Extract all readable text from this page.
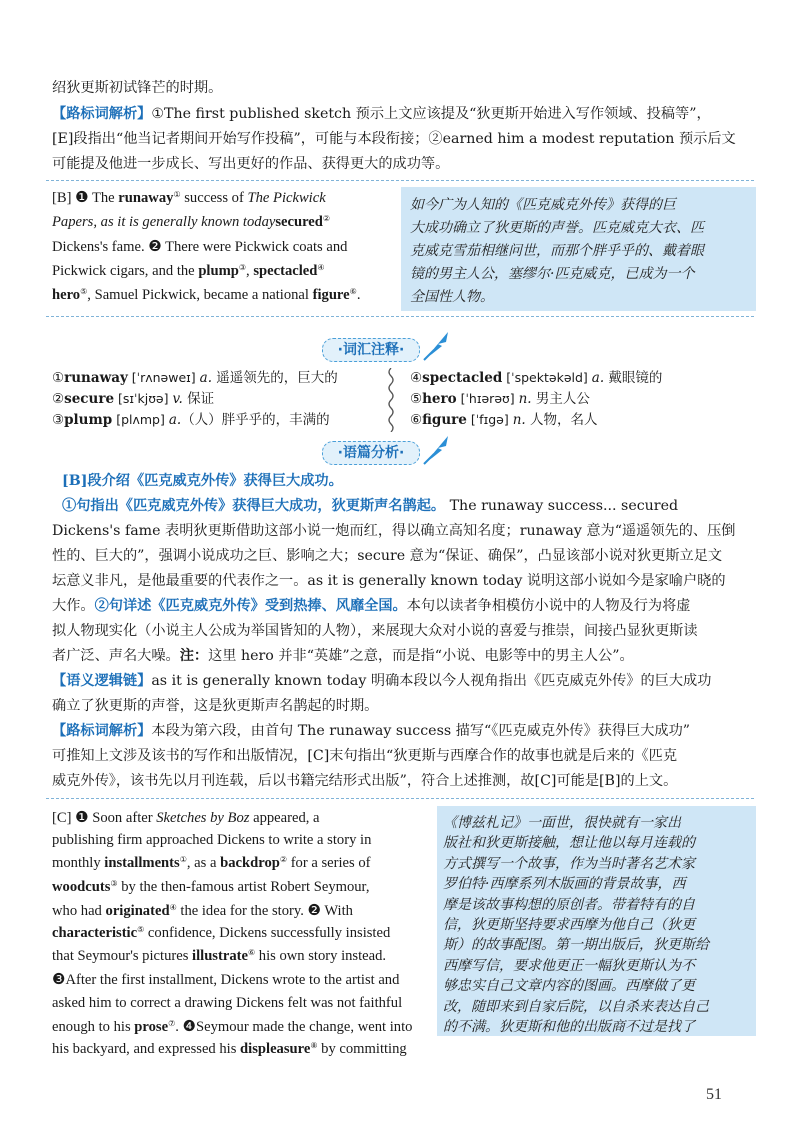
绍狄更斯初试锋芒的时期。
【路标词解析】①The first published sketch 预示上文应该提及“狄更斯开始进入写作领域、投稿等”，
[E]段指出“他当记者期间开始写作投稿”，可能与本段衔接；②earned him a modest reputation 预示后文
可能提及他进一步成长、写出更好的作品、获得更大的成功等。
[B] ❶ The runaway① success of The Pickwick
Papers, as it is generally known todaysecured②
Dickens's fame. ❷ There were Pickwick coats and
Pickwick cigars, and the plump③, spectacled④
hero⑤, Samuel Pickwick, became a national figure⑥.
如今广为人知的《匹克威克外传》获得的巨
大成功确立了狄更斯的声誉。匹克威克大衣、匹
克威克雪茄相继问世，而那个胖乎乎的、戴着眼
镜的男主人公，塞缪尔·匹克威克，已成为一个
全国性人物。
·词汇注释·
①runaway [ˈrʌnəweɪ] a. 遥遥领先的，巨大的
②secure [sɪˈkjʊə] v. 保证
③plump [plʌmp] a.（人）胖乎乎的，丰满的
④spectacled [ˈspektəkəld] a. 戴眼镜的
⑤hero [ˈhɪərəʊ] n. 男主人公
⑥figure [ˈfɪgə] n. 人物，名人
·语篇分析·
[B]段介绍《匹克威克外传》获得巨大成功。
①句指出《匹克威克外传》获得巨大成功，狄更斯声名鹊起。 The runaway success... secured
Dickens's fame 表明狄更斯借助这部小说一炮而红，得以确立高知名度；runaway 意为“遥遥领先的、压倒
性的、巨大的”，强调小说成功之巨、影响之大；secure 意为“保证、确保”，凸显该部小说对狄更斯立足文
坛意义非凡，是他最重要的代表作之一。as it is generally known today 说明这部小说如今是家喻户晓的
大作。②句详述《匹克威克外传》受到热捧、风靡全国。本句以读者争相模仿小说中的人物及行为将虚
拟人物现实化（小说主人公成为举国皆知的人物），来展现大众对小说的喜爱与推崇，间接凸显狄更斯读
者广泛、声名大噪。注：这里 hero 并非“英雄”之意，而是指“小说、电影等中的男主人公”。
【语义逻辑链】as it is generally known today 明确本段以今人视角指出《匹克威克外传》的巨大成功
确立了狄更斯的声誉，这是狄更斯声名鹊起的时期。
【路标词解析】本段为第六段，由首句 The runaway success 描写“《匹克威克外传》获得巨大成功”
可推知上文涉及该书的写作和出版情况，[C]末句指出“狄更斯与西摩合作的故事也就是后来的《匹克
威克外传》，该书先以月刊连载，后以书籍完结形式出版”，符合上述推测，故[C]可能是[B]的上文。
[C] ❶ Soon after Sketches by Boz appeared, a
publishing firm approached Dickens to write a story in
monthly installments①, as a backdrop② for a series of
woodcuts③ by the then-famous artist Robert Seymour,
who had originated④ the idea for the story. ❷ With
characteristic⑤ confidence, Dickens successfully insisted
that Seymour's pictures illustrate⑥ his own story instead.
❸After the first installment, Dickens wrote to the artist and
asked him to correct a drawing Dickens felt was not faithful
enough to his prose⑦. ❹Seymour made the change, went into
his backyard, and expressed his displeasure⑧ by committing
《博兹札记》一面世，很快就有一家出
版社和狄更斯接触，想让他以每月连载的
方式撰写一个故事，作为当时著名艺术家
罗伯特·西摩系列木版画的背景故事，西
摩是该故事构想的原创者。带着特有的自
信，狄更斯坚持要求西摩为他自己（狄更
斯）的故事配图。第一期出版后，狄更斯给
西摩写信，要求他更正一幅狄更斯认为不
够忠实自己文章内容的图画。西摩做了更
改，随即来到自家后院，以自杀来表达自己
的不满。狄更斯和他的出版商不过是找了
51
